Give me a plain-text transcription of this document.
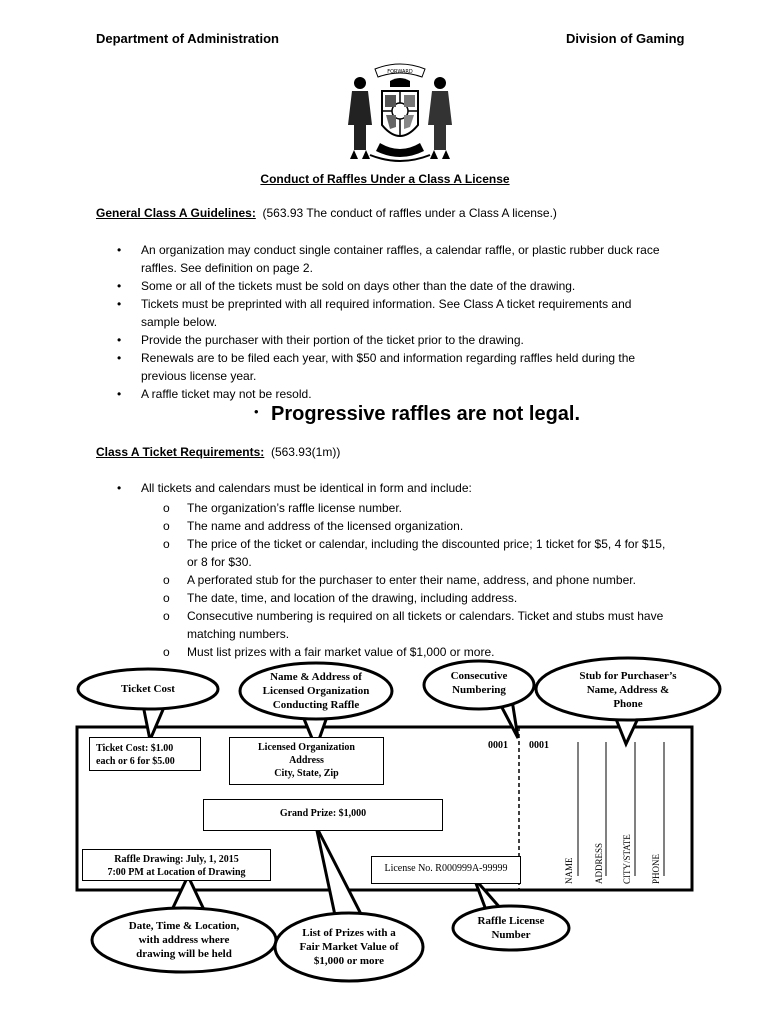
Department of Administration	Division of Gaming
FORWARD
Conduct of Raffles Under a Class A License
General Class A Guidelines: (563.93 The conduct of raffles under a Class A license.)
• An organization may conduct single container raffles, a calendar raffle, or plastic rubber duck race
raffles. See definition on page 2.
• Some or all of the tickets must be sold on days other than the date of the drawing.
• Tickets must be preprinted with all required information. See Class A ticket requirements and
sample below.
• Provide the purchaser with their portion of the ticket prior to the drawing.
• Renewals are to be filed each year, with $50 and information regarding raffles held during the
previous license year.
• A raffle ticket may not be resold.
• Progressive raffles are not legal.
Class A Ticket Requirements: (563.93(1m))
• All tickets and calendars must be identical in form and include:
o The organization’s raffle license number.
o The name and address of the licensed organization.
o The price of the ticket or calendar, including the discounted price; 1 ticket for $5, 4 for $15,
or 8 for $30.
o A perforated stub for the purchaser to enter their name, address, and phone number.
o The date, time, and location of the drawing, including address.
o Consecutive numbering is required on all tickets or calendars. Ticket and stubs must have
matching numbers.
o Must list prizes with a fair market value of $1,000 or more.
Ticket Cost
Name & Address of
Licensed Organization
Conducting Raffle
Consecutive
Numbering
Stub for Purchaser’s
Name, Address &
Phone
Date, Time & Location,
with address where
drawing will be held
List of Prizes with a
Fair Market Value of
$1,000 or more
Raffle License
Number
Ticket Cost: $1.00
each or 6 for $5.00
Licensed Organization
Address
City, State, Zip
0001 0001
Grand Prize: $1,000
Raffle Drawing: July, 1, 2015
7:00 PM at Location of Drawing	License No. R000999A-99999	NAME ADDRESS CITY/STATE PHONE
